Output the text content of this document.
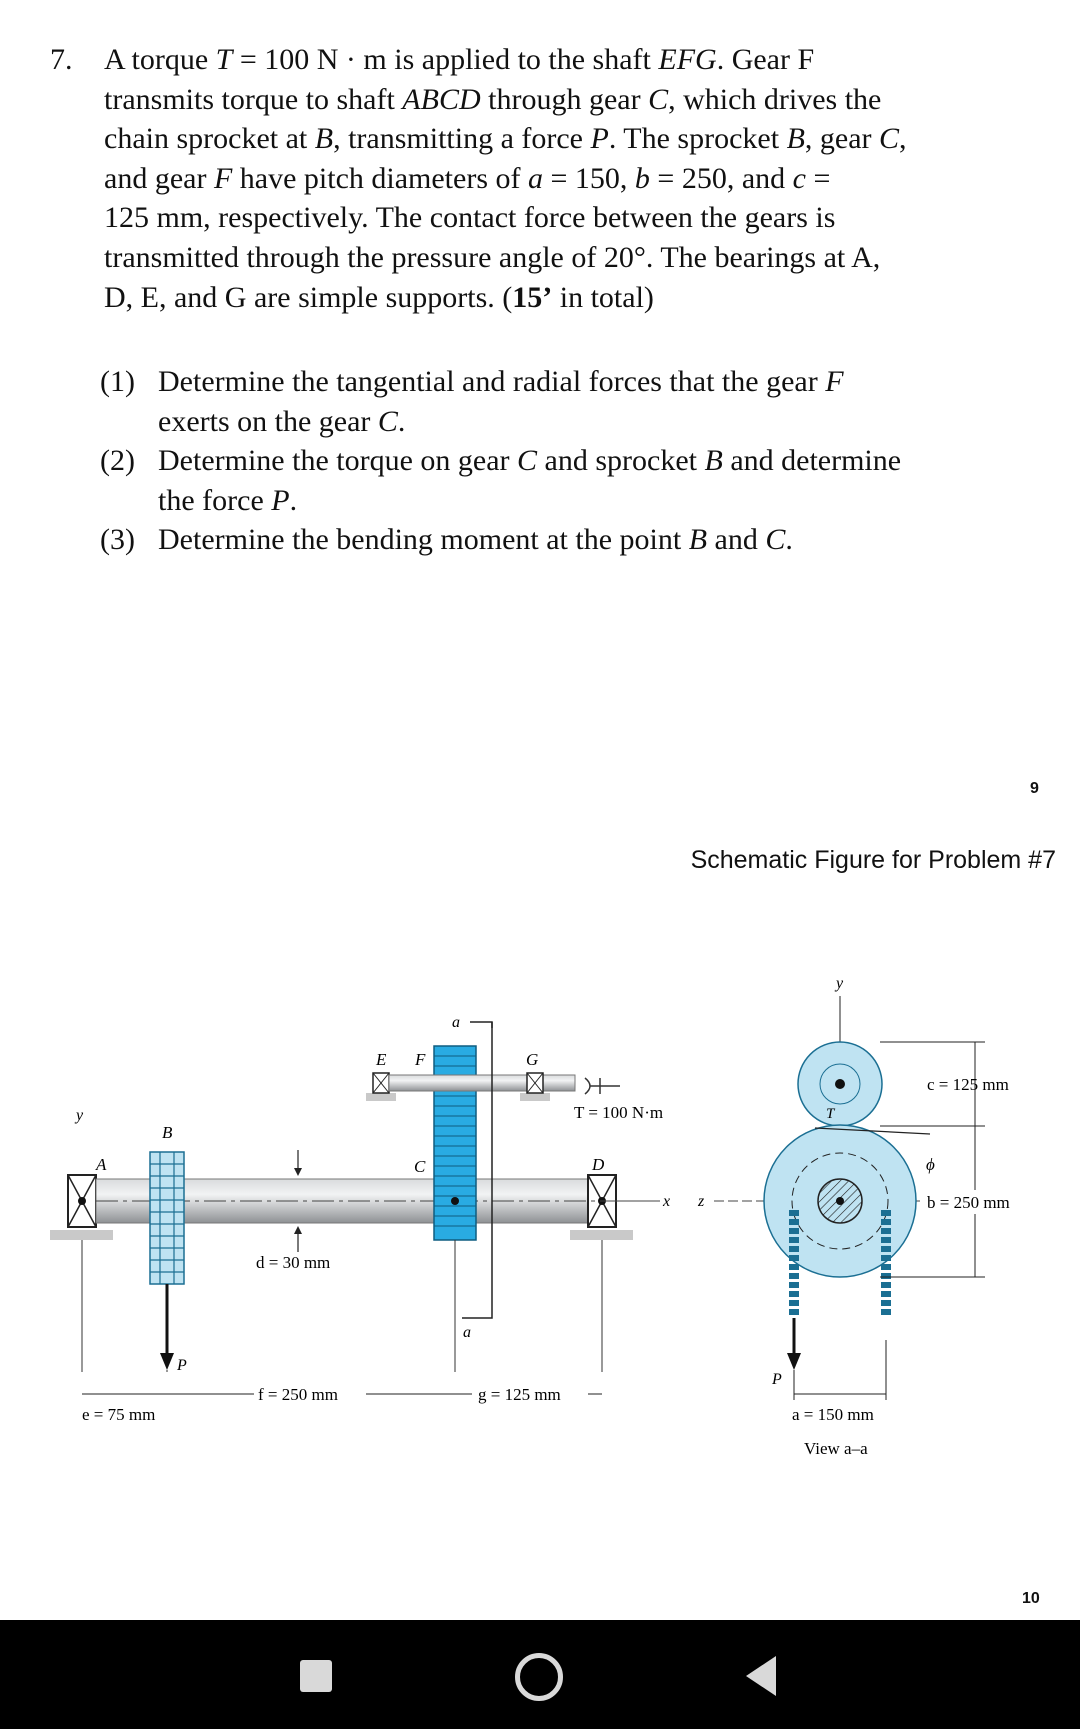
7. A torque T = 100 N · m is applied to the shaft EFG. Gear F

transmits torque to shaft ABCD through gear C, which drives the

chain sprocket at B, transmitting a force P. The sprocket B, gear C,

and gear F have pitch diameters of a = 150, b = 250, and c =

125 mm, respectively. The contact force between the gears is

transmitted through the pressure angle of 20°. The bearings at A,

D, E, and G are simple supports. (15’ in total)

(1) Determine the tangential and radial forces that the gear F
exerts on the gear C.
(2) Determine the torque on gear C and sprocket B and determine
the force P.
(3) Determine the bending moment at the point B and C.
9
Schematic Figure for Problem #7
y
A
B
C	D
E F	G
a
a
T = 100 N·m
x
d = 30 mm
P
e = 75 mm
f = 250 mm	g = 125 mm
y
z
T
ϕ
c = 125 mm
b = 250 mm
P
a = 150 mm
View a–a
10
